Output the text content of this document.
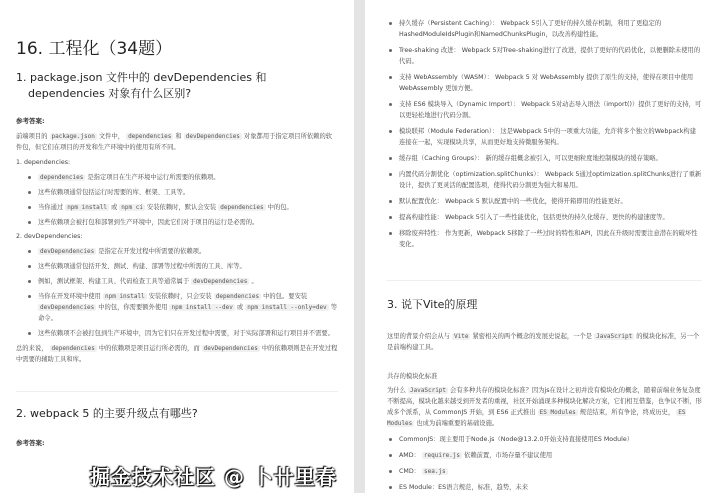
16. 工程化（34题）
1. package.json 文件中的 devDependencies 和 dependencies 对象有什么区别?
参考答案:

前端项目的 package.json 文件中， dependencies 和 devDependencies 对象都用于指定项目所依赖的软件包，但它们在项目的开发和生产环境中的使用有所不同。

1. dependencies:
dependencies 是指定项目在生产环境中运行所需要的依赖项。
这些依赖项通常包括运行时需要的库、框架、工具等。
当你通过 npm install 或 npm ci 安装依赖时，默认会安装 dependencies 中的包。
这些依赖项会被打包和部署到生产环境中，因此它们对于项目的运行是必需的。
2. devDependencies:
devDependencies 是指定在开发过程中所需要的依赖项。
这些依赖项通常包括开发、测试、构建、部署等过程中所需的工具、库等。
例如，测试框架、构建工具、代码检查工具等通常属于 devDependencies 。
当你在开发环境中使用 npm install 安装依赖时，只会安装 dependencies 中的包。要安装 devDependencies 中的包，你需要额外使用 npm install --dev 或 npm install --only=dev 等命令。
这些依赖项不会被打包到生产环境中，因为它们只在开发过程中需要，对于实际部署和运行项目并不需要。

总的来说， dependencies 中的依赖项是项目运行所必需的，而 devDependencies 中的依赖项则是在开发过程中需要的辅助工具和库。

2. webpack 5 的主要升级点有哪些?
参考答案:
持久缓存（Persistent Caching）： Webpack 5引入了更好的持久缓存机制，利用了更稳定的HashedModuleIdsPlugin和NamedChunksPlugin，以改善构建性能。
Tree-shaking 改进： Webpack 5对Tree-shaking进行了改进，提供了更好的代码优化，以便删除未使用的代码。
支持 WebAssembly（WASM）： Webpack 5 对 WebAssembly 提供了原生的支持，使得在项目中使用 WebAssembly 更加方便。
支持 ES6 模块导入（Dynamic Import）： Webpack 5对动态导入语法（import()）提供了更好的支持，可以更轻松地进行代码分割。
模块联邦（Module Federation）： 这是Webpack 5中的一项重大功能，允许将多个独立的Webpack构建连接在一起，实现模块共享，从而更好地支持微服务架构。
缓存组（Caching Groups）： 新的缓存组概念被引入，可以更细粒度地控制模块的缓存策略。
内置代码分割优化（optimization.splitChunks）： Webpack 5通过optimization.splitChunks进行了重新设计，提供了更灵活的配置选项，使得代码分割更为强大和易用。
默认配置优化： Webpack 5 默认配置中的一些优化，使得开箱即用的性能更好。
提高构建性能： Webpack 5引入了一些性能优化，包括更快的持久化缓存、更快的构建速度等。
移除废弃特性： 作为更新，Webpack 5移除了一些过时的特性和API，因此在升级时需要注意潜在的破坏性变化。
3. 说下Vite的原理

这里的背景介绍会从与 Vite 紧密相关的两个概念的发展史说起，一个是 JavaScript 的模块化标准，另一个是前端构建工具。

共存的模块化标准

为什么 JavaScript 会有多种共存的模块化标准？因为js在设计之初并没有模块化的概念，随着前端业务复杂度不断提高，模块化越来越受到开发者的重视，社区开始涌现多种模块化解决方案，它们相互借鉴，也争议不断，形成多个派系，从 CommonJS 开始，到 ES6 正式推出 ES Modules 规范结束，所有争论，终成历史， ES Modules 也成为前端重要的基础设施。

CommonJS：现主要用于Node.js（Node@13.2.0开始支持直接使用ES Module）
AMD： require.js 依赖前置，市场存量不建议使用
CMD： sea.js
ES Module：ES语言规范，标准，趋势，未来
掘金技术社区 @ 卜卄里春
